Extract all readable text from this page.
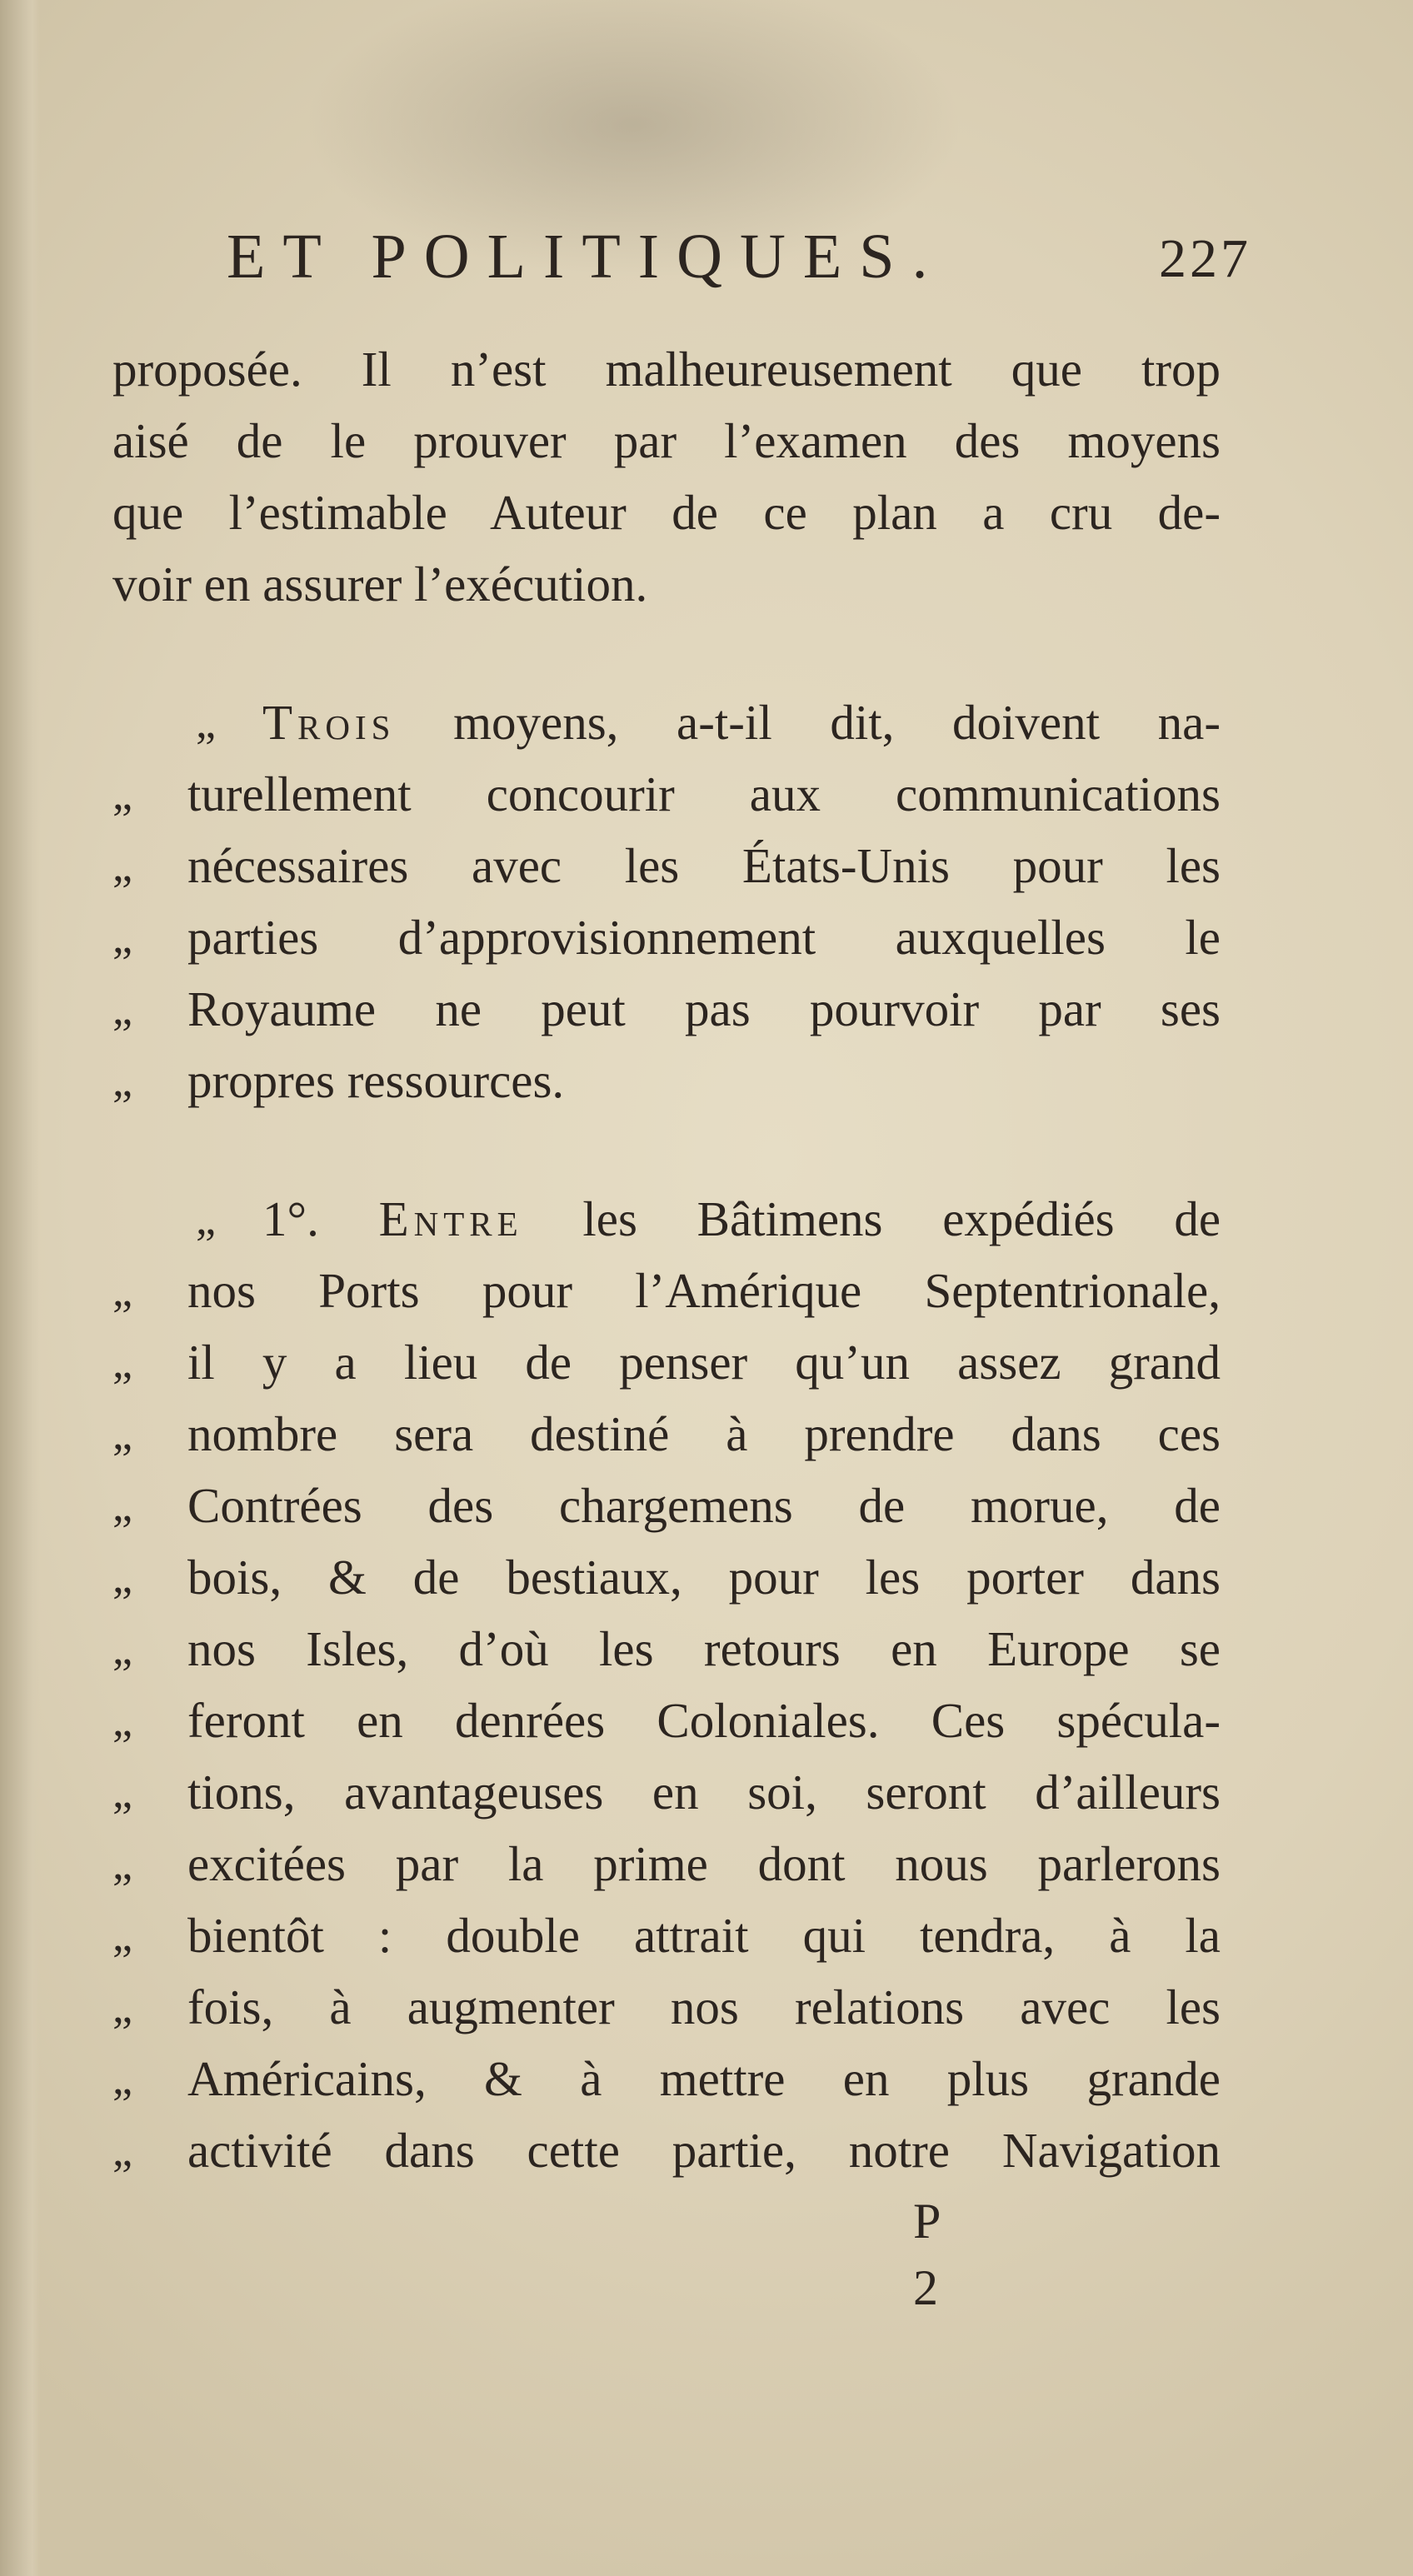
ET POLITIQUES.	227
proposée. Il n’est malheureusement que trop
aisé de le prouver par l’examen des moyens
que l’estimable Auteur de ce plan a cru de-
voir en assurer l’exécution.
„ Trois moyens, a-t-il dit, doivent na-
„	turellement concourir aux communications
„	nécessaires avec les États-Unis pour les
„	parties d’approvisionnement auxquelles le
„	Royaume ne peut pas pourvoir par ses
„	propres ressources.
„ 1°. Entre les Bâtimens expédiés de
„	nos Ports pour l’Amérique Septentrionale,
„	il y a lieu de penser qu’un assez grand
„	nombre sera destiné à prendre dans ces
„	Contrées des chargemens de morue, de
„	bois, & de bestiaux, pour les porter dans
„	nos Isles, d’où les retours en Europe se
„	feront en denrées Coloniales. Ces spécula-
„	tions, avantageuses en soi, seront d’ailleurs
„	excitées par la prime dont nous parlerons
„	bientôt : double attrait qui tendra, à la
„	fois, à augmenter nos relations avec les
„	Américains, & à mettre en plus grande
„	activité dans cette partie, notre Navigation
P 2
